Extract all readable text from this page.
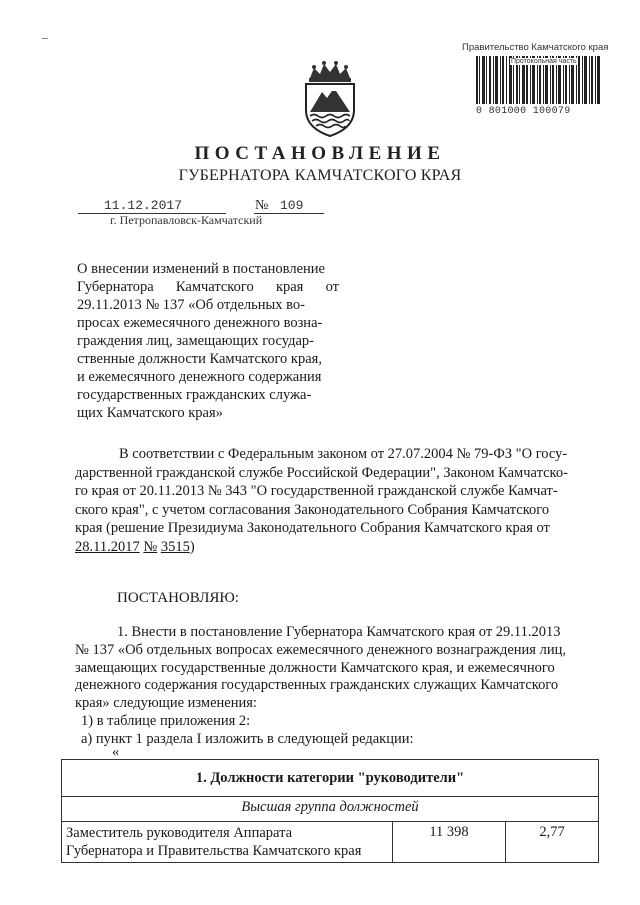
Правительство Камчатского края
Протокольная часть
0 801000 100079
ПОСТАНОВЛЕНИЕ
ГУБЕРНАТОРА КАМЧАТСКОГО КРАЯ
11.12.2017	№ 109
г. Петропавловск-Камчатский
О внесении изменений в постановление
Губернатора Камчатского края от
29.11.2013 № 137 «Об отдельных во-
просах ежемесячного денежного возна-
граждения лиц, замещающих государ-
ственные должности Камчатского края,
и ежемесячного денежного содержания
государственных гражданских служа-
щих Камчатского края»
В соответствии с Федеральным законом от 27.07.2004 № 79-ФЗ "О госу-
дарственной гражданской службе Российской Федерации", Законом Камчатско-
го края от 20.11.2013 № 343 "О государственной гражданской службе Камчат-
ского края", с учетом согласования Законодательного Собрания Камчатского
края (решение Президиума Законодательного Собрания Камчатского края от
28.11.2017 № 3515)
ПОСТАНОВЛЯЮ:
1. Внести в постановление Губернатора Камчатского края от 29.11.2013
№ 137 «Об отдельных вопросах ежемесячного денежного вознаграждения лиц,
замещающих государственные должности Камчатского края, и ежемесячного
денежного содержания государственных гражданских служащих Камчатского
края» следующие изменения:
1) в таблице приложения 2:
а) пункт 1 раздела I изложить в следующей редакции:
«
1. Должности категории "руководители"
Высшая группа должностей

Заместитель руководителя Аппарата
Губернатора и Правительства Камчатского края
	11 398	2,77
